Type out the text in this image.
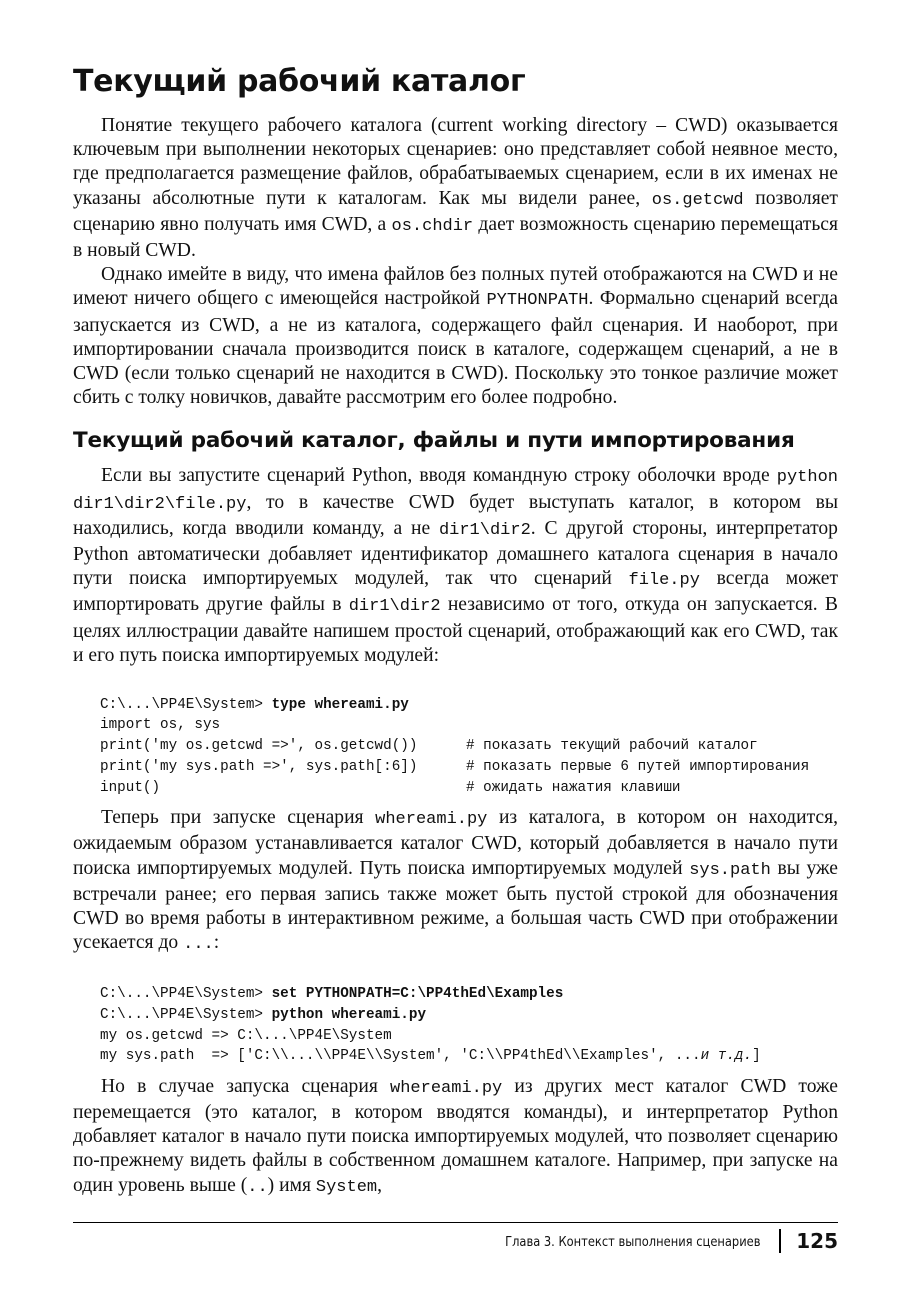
Текущий рабочий каталог

Понятие текущего рабочего каталога (current working directory – CWD) оказывается ключевым при выполнении некоторых сценариев: оно представляет собой неявное место, где предполагается размещение файлов, обрабатываемых сценарием, если в их именах не указаны абсолютные пути к каталогам. Как мы видели ранее, os.getcwd позволяет сценарию явно получать имя CWD, а os.chdir дает возможность сценарию перемещаться в новый CWD.

Однако имейте в виду, что имена файлов без полных путей отображаются на CWD и не имеют ничего общего с имеющейся настройкой PYTHONPATH. Формально сценарий всегда запускается из CWD, а не из каталога, содержащего файл сценария. И наоборот, при импортировании сначала производится поиск в каталоге, содержащем сценарий, а не в CWD (если только сценарий не находится в CWD). Поскольку это тонкое различие может сбить с толку новичков, давайте рассмотрим его более подробно.

Текущий рабочий каталог, файлы и пути импортирования

Если вы запустите сценарий Python, вводя командную строку оболочки вроде python dir1\dir2\file.py, то в качестве CWD будет выступать каталог, в котором вы находились, когда вводили команду, а не dir1\dir2. С другой стороны, интерпретатор Python автоматически добавляет идентификатор домашнего каталога сценария в начало пути поиска импортируемых модулей, так что сценарий file.py всегда может импортировать другие файлы в dir1\dir2 независимо от того, откуда он запускается. В целях иллюстрации давайте напишем простой сценарий, отображающий как его CWD, так и его путь поиска импортируемых модулей:

C:\...\PP4E\System> type whereami.py
import os, sys
print('my os.getcwd =>', os.getcwd())	# показать текущий рабочий каталог
print('my sys.path =>', sys.path[:6])	# показать первые 6 путей импортирования
input()	# ожидать нажатия клавиши

Теперь при запуске сценария whereami.py из каталога, в котором он находится, ожидаемым образом устанавливается каталог CWD, который добавляется в начало пути поиска импортируемых модулей. Путь поиска импортируемых модулей sys.path вы уже встречали ранее; его первая запись также может быть пустой строкой для обозначения CWD во время работы в интерактивном режиме, а большая часть CWD при отображении усекается до ...:

C:\...\PP4E\System> set PYTHONPATH=C:\PP4thEd\Examples
C:\...\PP4E\System> python whereami.py
my os.getcwd => C:\...\PP4E\System
my sys.path  => ['C:\\...\\PP4E\\System', 'C:\\PP4thEd\\Examples', ...и т.д.]

Но в случае запуска сценария whereami.py из других мест каталог CWD тоже перемещается (это каталог, в котором вводятся команды), и интерпретатор Python добавляет каталог в начало пути поиска импортируемых модулей, что позволяет сценарию по-прежнему видеть файлы в собственном домашнем каталоге. Например, при запуске на один уровень выше (..) имя System,

Глава 3. Контекст выполнения сценариев 125
